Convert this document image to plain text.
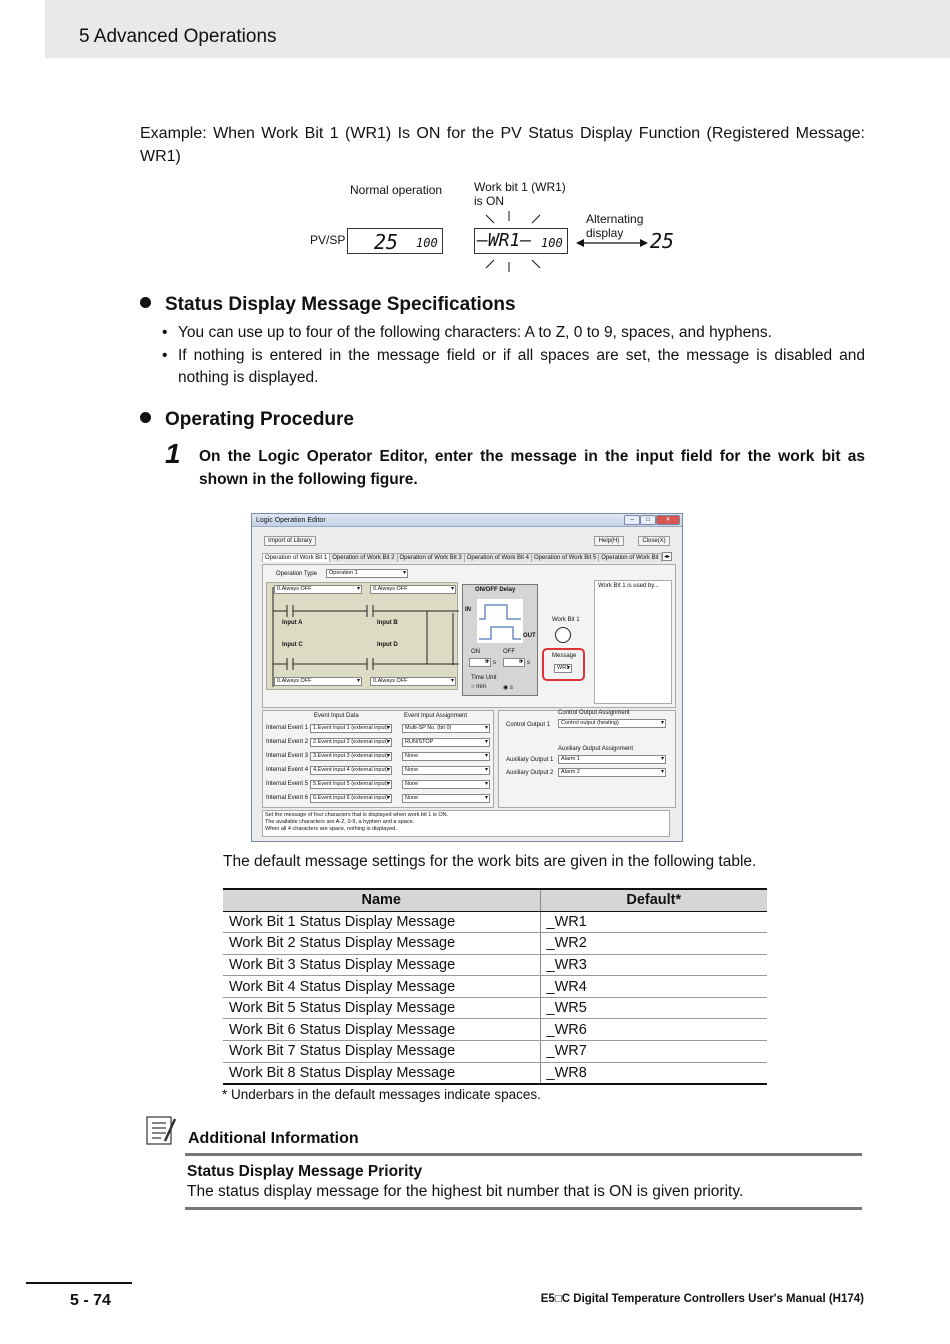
5 Advanced Operations
Example: When Work Bit 1 (WR1) Is ON for the PV Status Display Function (Registered Message: WR1)
Normal operation	Work bit 1 (WR1)
is ON
Alternating
display
PV/SP 25 100 –WR1– 100	25
Status Display Message Specifications
• You can use up to four of the following characters: A to Z, 0 to 9, spaces, and hyphens.
• If nothing is entered in the message field or if all spaces are set, the message is disabled and nothing is displayed.
Operating Procedure
1 On the Logic Operator Editor, enter the message in the input field for the work bit as shown in the following figure.
Logic Operation Editor	–	□	✕
Import of Library	Help(H)	Close(X)
Operation of Work Bit 1 Operation of Work Bit 2 Operation of Work Bit 3 Operation of Work Bit 4 Operation of Work Bit 5 Operation of Work Bit ◂▸
Operation Type	Operation 1 ▾
0.Always OFF ▾	0.Always OFF ▾
Input A	Input B
Input C	Input D
0.Always OFF ▾	0.Always OFF ▾
ON/OFF Delay
IN
OUT
ON	OFF
0 ▾ s	0 ▾ s
Time Unit
○ min	◉ s
Work Bit 1
Message
WR1 ▾
Work Bit 1 is used by...
Event Input Data	Event Input Assignment	Control Output Assignment
Control Output 1	Control output (heating) ▾
Auxiliary Output Assignment
Auxiliary Output 1	Alarm 1 ▾
Auxiliary Output 2	Alarm 2 ▾
Set the message of four characters that is displayed when work bit 1 is ON.
The available characters are A-Z, 0-9, a hyphen and a space.
When all 4 characters are space, nothing is displayed.
Internal Event 1 1.Event input 1 (external input) ▾	Multi-SP No. (bit 0) ▾
Internal Event 2 2.Event input 2 (external input) ▾	RUN/STOP ▾
Internal Event 3 3.Event input 3 (external input) ▾	None ▾
Internal Event 4 4.Event input 4 (external input) ▾	None ▾
Internal Event 5 5.Event input 5 (external input) ▾	None ▾
Internal Event 6 6.Event input 6 (external input) ▾	None ▾
The default message settings for the work bits are given in the following table.
Name	Default*
Work Bit 1 Status Display Message	_WR1
Work Bit 2 Status Display Message	_WR2
Work Bit 3 Status Display Message	_WR3
Work Bit 4 Status Display Message	_WR4
Work Bit 5 Status Display Message	_WR5
Work Bit 6 Status Display Message	_WR6
Work Bit 7 Status Display Message	_WR7
Work Bit 8 Status Display Message	_WR8
* Underbars in the default messages indicate spaces.
Additional Information
Status Display Message Priority
The status display message for the highest bit number that is ON is given priority.
5 - 74	E5□C Digital Temperature Controllers User's Manual (H174)
